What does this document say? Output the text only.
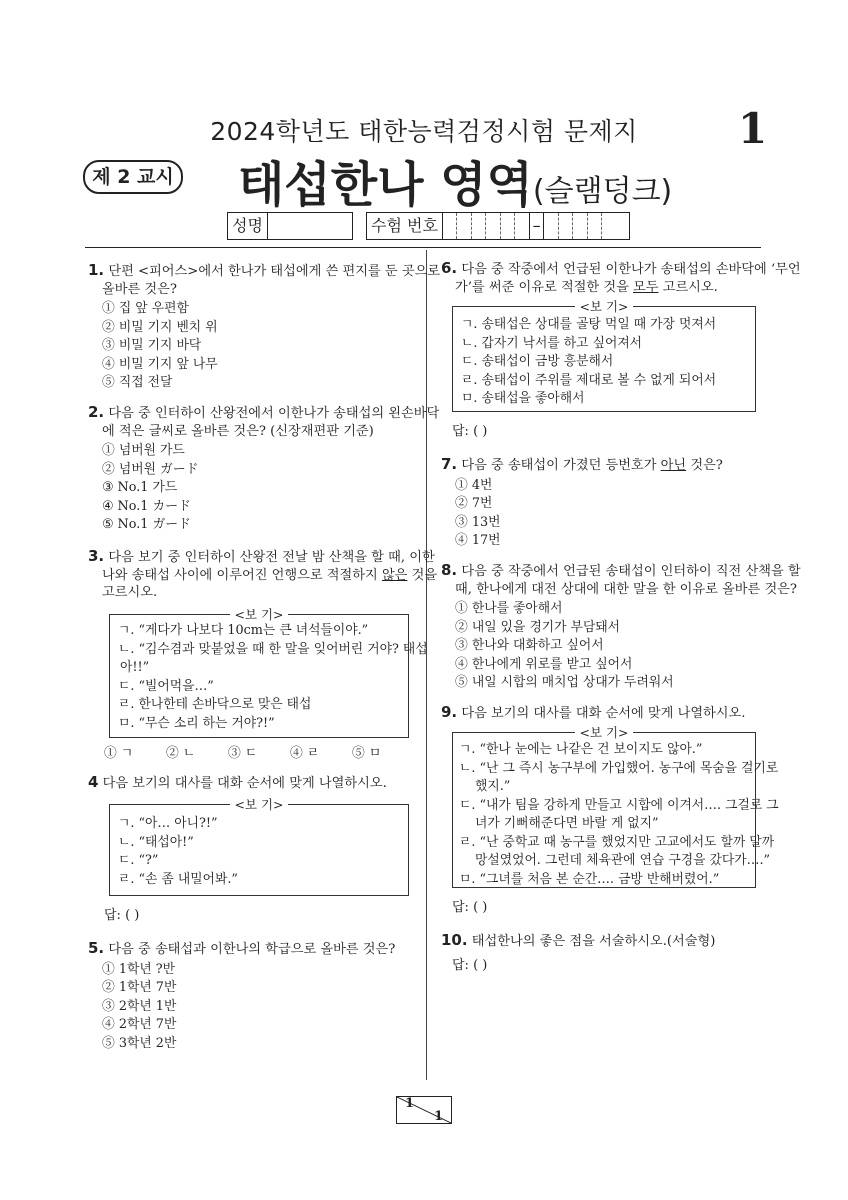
2024학년도 태한능력검정시험 문제지	1
제 2 교시 태섭한나 영역(슬램덩크)
성명	수험 번호	–

1. 단편 <피어스>에서 한나가 태섭에게 쓴 편지를 둔 곳으로

올바른 것은?

① 집 앞 우편함
② 비밀 기지 벤치 위
③ 비밀 기지 바닥
④ 비밀 기지 앞 나무
⑤ 직접 전달

2. 다음 중 인터하이 산왕전에서 이한나가 송태섭의 왼손바닥

에 적은 글씨로 올바른 것은? (신장재편판 기준)

① 넘버원 가드
② 넘버원 ガード
③ No.1 가드
④ No.1 カード
⑤ No.1 ガード

3. 다음 보기 중 인터하이 산왕전 전날 밤 산책을 할 때, 이한

나와 송태섭 사이에 이루어진 언행으로 적절하지 않은 것을

고르시오.

<보 기>
ㄱ. “게다가 나보다 10cm는 큰 녀석들이야.”
ㄴ. “김수겸과 맞붙었을 때 한 말을 잊어버린 거야? 태섭
아!!”
ㄷ. “빌어먹을…”
ㄹ. 한나한테 손바닥으로 맞은 태섭
ㅁ. “무슨 소리 하는 거야?!”
① ㄱ	② ㄴ	③ ㄷ	④ ㄹ	⑤ ㅁ

4 다음 보기의 대사를 대화 순서에 맞게 나열하시오.

<보 기>
ㄱ. “아… 아니?!”
ㄴ. “태섭아!”
ㄷ. “?”
ㄹ. “손 좀 내밀어봐.”
답: ( )

5. 다음 중 송태섭과 이한나의 학급으로 올바른 것은?

① 1학년 ?반
② 1학년 7반
③ 2학년 1반
④ 2학년 7반
⑤ 3학년 2반

6. 다음 중 작중에서 언급된 이한나가 송태섭의 손바닥에 ‘무언

가’를 써준 이유로 적절한 것을 모두 고르시오.

<보 기>
ㄱ. 송태섭은 상대를 골탕 먹일 때 가장 멋져서
ㄴ. 갑자기 낙서를 하고 싶어져서
ㄷ. 송태섭이 금방 흥분해서
ㄹ. 송태섭이 주위를 제대로 볼 수 없게 되어서
ㅁ. 송태섭을 좋아해서
답: ( )

7. 다음 중 송태섭이 가졌던 등번호가 아닌 것은?

① 4번
② 7번
③ 13번
④ 17번

8. 다음 중 작중에서 언급된 송태섭이 인터하이 직전 산책을 할

때, 한나에게 대전 상대에 대한 말을 한 이유로 올바른 것은?

① 한나를 좋아해서
② 내일 있을 경기가 부담돼서
③ 한나와 대화하고 싶어서
④ 한나에게 위로를 받고 싶어서
⑤ 내일 시합의 매치업 상대가 두려워서

9. 다음 보기의 대사를 대화 순서에 맞게 나열하시오.

<보 기>
ㄱ. “한나 눈에는 나같은 건 보이지도 않아.”
ㄴ. “난 그 즉시 농구부에 가입했어. 농구에 목숨을 걸기로
했지.”
ㄷ. “내가 팀을 강하게 만들고 시합에 이겨서…. 그걸로 그
녀가 기뻐해준다면 바랄 게 없지”
ㄹ. “난 중학교 때 농구를 했었지만 고교에서도 할까 말까
망설였었어. 그런데 체육관에 연습 구경을 갔다가….”
ㅁ. “그녀를 처음 본 순간…. 금방 반해버렸어.”
답: ( )

10. 태섭한나의 좋은 점을 서술하시오.(서술형)

답: ( )
1
1
